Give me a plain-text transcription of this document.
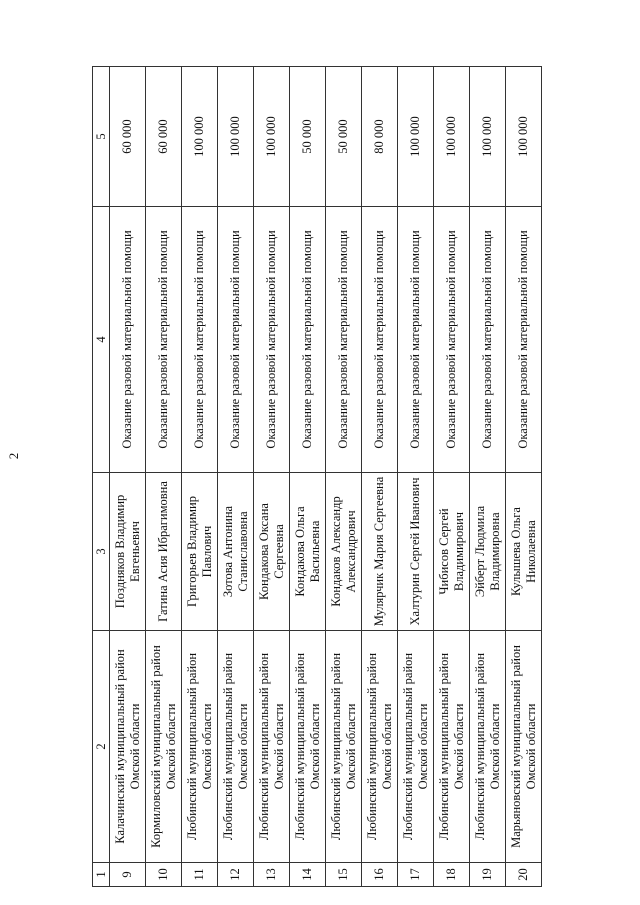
2
1	2	3	4	5
9	Калачинский муниципальный район Омской области	Поздняков Владимир Евгеньевич	Оказание разовой материальной помощи	60 000
10	Кормиловский муниципальный район Омской области	Гатина Асия Ибрагимовна	Оказание разовой материальной помощи	60 000
11	Любинский муниципальный район Омской области	Григорьев Владимир Павлович	Оказание разовой материальной помощи	100 000
12	Любинский муниципальный район Омской области	Зотова Антонина Станиславовна	Оказание разовой материальной помощи	100 000
13	Любинский муниципальный район Омской области	Кондакова Оксана Сергеевна	Оказание разовой материальной помощи	100 000
14	Любинский муниципальный район Омской области	Кондакова Ольга Васильевна	Оказание разовой материальной помощи	50 000
15	Любинский муниципальный район Омской области	Кондаков Александр Александрович	Оказание разовой материальной помощи	50 000
16	Любинский муниципальный район Омской области	Мулярчик Мария Сергеевна	Оказание разовой материальной помощи	80 000
17	Любинский муниципальный район Омской области	Халтурин Сергей Иванович	Оказание разовой материальной помощи	100 000
18	Любинский муниципальный район Омской области	Чибисов Сергей Владимирович	Оказание разовой материальной помощи	100 000
19	Любинский муниципальный район Омской области	Эйберт Людмила Владимировна	Оказание разовой материальной помощи	100 000
20	Марьяновский муниципальный район Омской области	Кулышева Ольга Николаевна	Оказание разовой материальной помощи	100 000
